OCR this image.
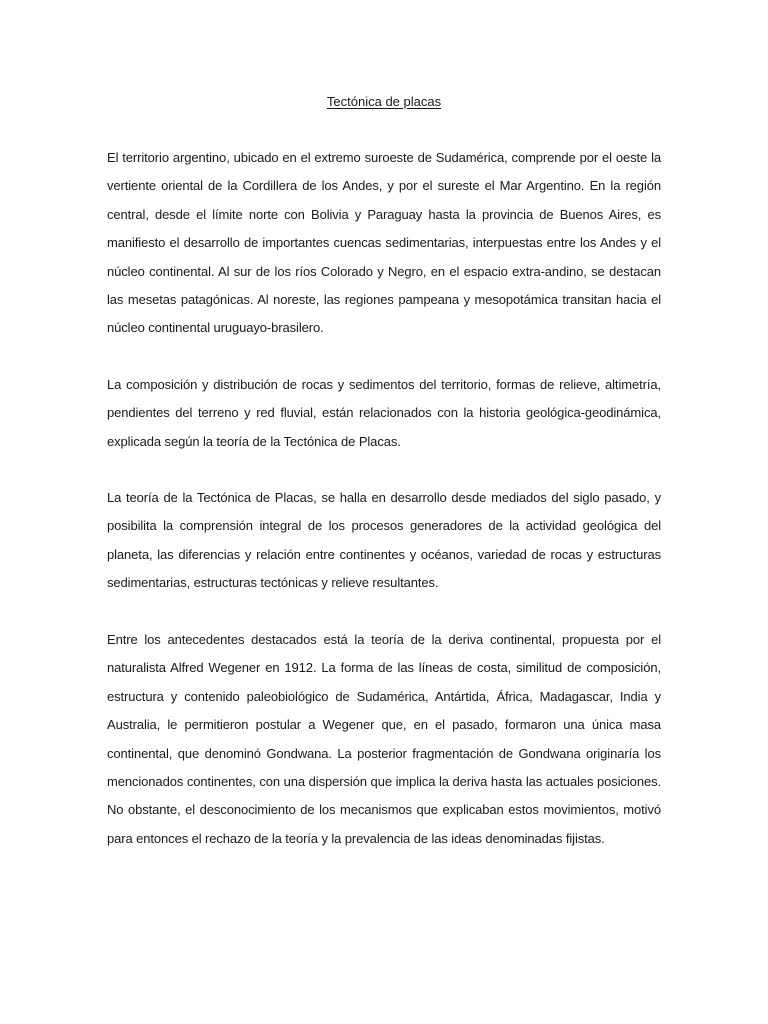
Tectónica de placas

El territorio argentino, ubicado en el extremo suroeste de Sudamérica, comprende por el oeste la vertiente oriental de la Cordillera de los Andes, y por el sureste el Mar Argentino. En la región central, desde el límite norte con Bolivia y Paraguay hasta la provincia de Buenos Aires, es manifiesto el desarrollo de importantes cuencas sedimentarias, interpuestas entre los Andes y el núcleo continental. Al sur de los ríos Colorado y Negro, en el espacio extra-andino, se destacan las mesetas patagónicas. Al noreste, las regiones pampeana y mesopotámica transitan hacia el núcleo continental uruguayo-brasilero.

La composición y distribución de rocas y sedimentos del territorio, formas de relieve, altimetría, pendientes del terreno y red fluvial, están relacionados con la historia geológica-geodinámica, explicada según la teoría de la Tectónica de Placas.

La teoría de la Tectónica de Placas, se halla en desarrollo desde mediados del siglo pasado, y posibilita la comprensión integral de los procesos generadores de la actividad geológica del planeta, las diferencias y relación entre continentes y océanos, variedad de rocas y estructuras sedimentarias, estructuras tectónicas y relieve resultantes.

Entre los antecedentes destacados está la teoría de la deriva continental, propuesta por el naturalista Alfred Wegener en 1912. La forma de las líneas de costa, similitud de composición, estructura y contenido paleobiológico de Sudamérica, Antártida, África, Madagascar, India y Australia, le permitieron postular a Wegener que, en el pasado, formaron una única masa continental, que denominó Gondwana. La posterior fragmentación de Gondwana originaría los mencionados continentes, con una dispersión que implica la deriva hasta las actuales posiciones. No obstante, el desconocimiento de los mecanismos que explicaban estos movimientos, motivó para entonces el rechazo de la teoría y la prevalencia de las ideas denominadas fijistas.
